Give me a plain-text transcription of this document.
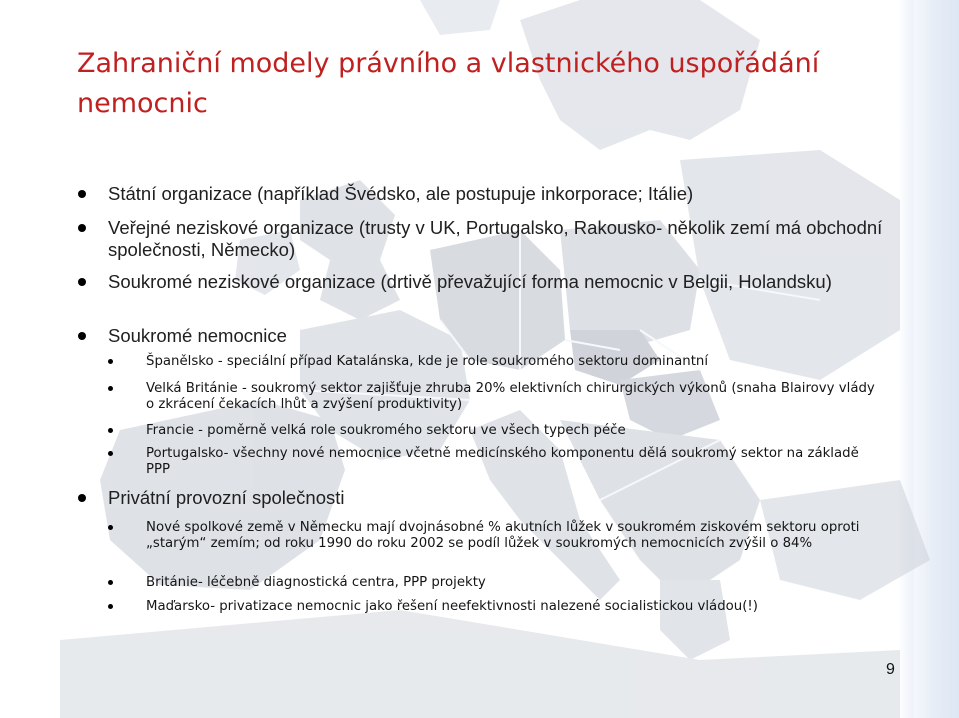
Zahraniční modely právního a vlastnického uspořádání nemocnic
Státní organizace (například Švédsko, ale postupuje inkorporace; Itálie)
Veřejné neziskové organizace (trusty v UK, Portugalsko, Rakousko- několik zemí má obchodní společnosti, Německo)
Soukromé neziskové organizace (drtivě převažující forma nemocnic v Belgii, Holandsku)
Soukromé nemocnice
Španělsko - speciální případ Katalánska, kde je role soukromého sektoru dominantní
Velká Británie - soukromý sektor zajišťuje zhruba 20% elektivních chirurgických výkonů (snaha Blairovy vlády o zkrácení čekacích lhůt a zvýšení produktivity)
Francie - poměrně velká role soukromého sektoru ve všech typech péče
Portugalsko- všechny nové nemocnice včetně medicínského komponentu dělá soukromý sektor na základě PPP
Privátní provozní společnosti
Nové spolkové země v Německu mají dvojnásobné % akutních lůžek v soukromém ziskovém sektoru oproti „starým“ zemím; od roku 1990 do roku 2002 se podíl lůžek v soukromých nemocnicích zvýšil o 84%
Británie- léčebně diagnostická centra, PPP projekty
Maďarsko- privatizace nemocnic jako řešení neefektivnosti nalezené socialistickou vládou(!)
9
